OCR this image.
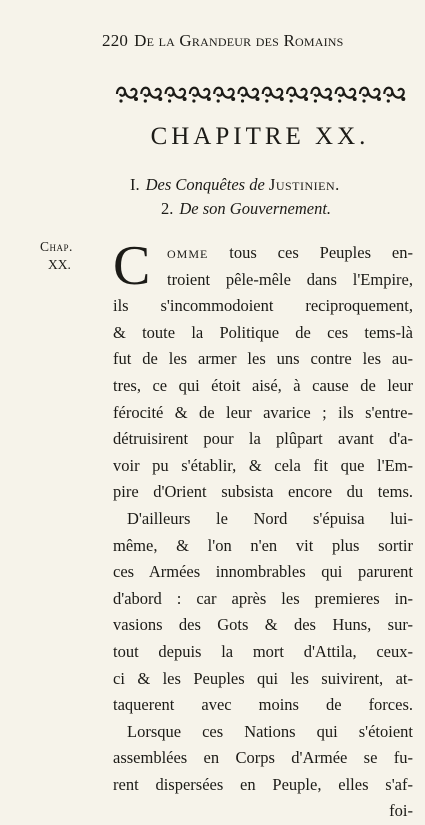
220 De la Grandeur des Romains
CHAPITRE XX.
I. Des Conquêtes de Justinien.
2. De son Gouvernement.
Chap.
XX. C	omme tous ces Peuples en-
troient pêle-mêle dans l'Empire,
ils s'incommodoient reciproquement,
& toute la Politique de ces tems-là
fut de les armer les uns contre les au-
tres, ce qui étoit aisé, à cause de leur
férocité & de leur avarice ; ils s'entre-
détruisirent pour la plûpart avant d'a-
voir pu s'établir, & cela fit que l'Em-
pire d'Orient subsista encore du tems.
D'ailleurs le Nord s'épuisa lui-
même, & l'on n'en vit plus sortir
ces Armées innombrables qui parurent
d'abord : car après les premieres in-
vasions des Gots & des Huns, sur-
tout depuis la mort d'Attila, ceux-
ci & les Peuples qui les suivirent, at-
taquerent avec moins de forces.
Lorsque ces Nations qui s'étoient
assemblées en Corps d'Armée se fu-
rent dispersées en Peuple, elles s'af-
foi-
